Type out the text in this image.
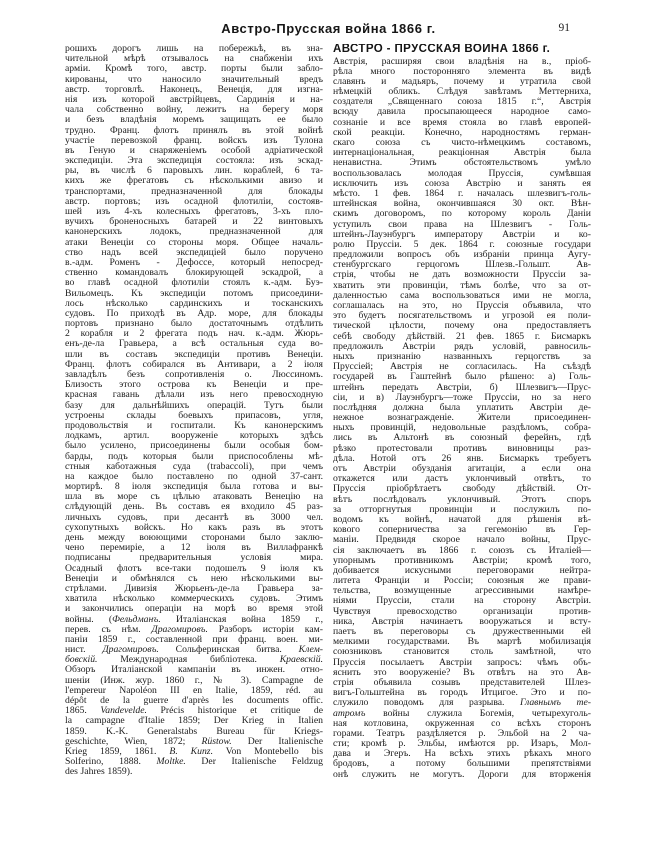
Австро-Прусская война 1866 г.	91
рошихъ дорогъ лишь на побережьѣ, въ зна-
чительной мѣрѣ отзывалось на снабженіи ихъ
арміи. Кромѣ того, австр. порты были забло-
кированы, что наносило значительный вредъ
австр. торговлѣ. Наконецъ, Венеція, для изгна-
нія изъ которой австрійцевъ, Сардинія и на-
чала собственно войну, лежитъ на берегу моря
и безъ владѣнія моремъ защищать ее было
трудно. Франц. флотъ принялъ въ этой войнѣ
участіе перевозкой франц. войскъ изъ Тулона
въ Геную и снаряженіемъ особой адріатической
экспедиціи. Эта экспедиція состояла: изъ эскад-
ры, въ числѣ 6 паровыхъ лин. кораблей, 6 та-
кихъ же фрегатовъ съ нѣсколькими авизо и
транспортами, предназначенной для блокады
австр. портовъ; изъ осадной флотиліи, состояв-
шей изъ 4-хъ колесныхъ фрегатовъ, 3-хъ пло-
вучихъ броненосныхъ батарей и 22 винтовыхъ
канонерскихъ лодокъ, предназначенной для
атаки Венеціи со стороны моря. Общее началь-
ство надъ всей экспедиціей было поручено
в.-адм. Роменъ - Дефоссе, который непосред-
ственно командовалъ блокирующей эскадрой, а
во главѣ осадной флотиліи стоялъ к.-адм. Буэ-
Вильомецъ. Къ экспедиціи потомъ присоедини-
лось нѣсколько сардинскихъ и тосканскихъ
судовъ. По приходѣ въ Адр. море, для блокады
портовъ признано было достаточнымъ отдѣлить
2 корабля и 2 фрегата подъ нач. к.-адм. Жюрь-
енъ-де-ла Гравьера, а всѣ остальныя суда во-
шли въ составъ экспедиціи противъ Венеціи.
Франц. флотъ собирался въ Антивари, а 2 іюля
завладѣлъ безъ сопротивленія о. Люссиномъ.
Близость этого острова къ Венеціи и пре-
красная гавань дѣлали изъ него превосходную
базу для дальнѣйшихъ операцій. Тутъ были
устроены склады боевыхъ припасовъ, угля,
продовольствія и госпитали. Къ канонерскимъ
лодкамъ, артил. вооруженіе которыхъ здѣсь
было усилено, присоединены были особыя бом-
барды, подъ которыя были приспособлены мѣ-
стныя каботажныя суда (trabaccoli), при чемъ
на каждое было поставлено по одной 37-сант.
мортирѣ. 8 іюля экспедиція была готова и вы-
шла въ море съ цѣлью атаковать Венецію на
слѣдующій день. Въ составъ ея входило 45 раз-
личныхъ судовъ, при десантѣ въ 3000 чел.
сухопутныхъ войскъ. Но какъ разъ въ этотъ
день между воюющими сторонами было заклю-
чено перемиріе, а 12 іюля въ Виллафранкѣ
подписаны предварительныя условія мира.
Осадный флотъ все-таки подошелъ 9 іюля къ
Венеціи и обмѣнялся съ нею нѣсколькими вы-
стрѣлами. Дивизія Жюрьенъ-де-ла Гравьера за-
хватила нѣсколько коммерческихъ судовъ. Этимъ
и закончились операціи на морѣ во время этой
войны. (Фельдманъ. Италіанская война 1859 г.,
перев. съ нѣм. Драгомировъ. Разборъ исторіи кам-
паніи 1859 г., составленной при франц. воен. ми-
нист. Драгомировъ. Сольферинская битва. Клем-
бовскій. Международная библіотека. Краевскій.
Обзоръ Италіанской кампаніи въ инжен. отно-
шеніи (Инж. жур. 1860 г., № 3). Campagne de
l'empereur Napoléon III en Italie, 1859, réd. au
dépôt de la guerre d'après les documents offic.
1865. Vandevelde. Précis historique et critique de
la campagne d'Italie 1859; Der Krieg in Italien
1859. K.-K. Generalstabs Bureau für Kriegs-
geschichte, Wien, 1872; Rüstow. Der Italienische
Krieg 1859, 1861. B. Kunz. Von Montebello bis
Solferino, 1888. Moltke. Der Italienische Feldzug
des Jahres 1859).
АВСТРО - ПРУССКАЯ ВОЙНА 1866 г.
Австрія, расширяя свои владѣнія на в., пріоб-
рѣла много посторонняго элемента въ видѣ
славянъ и мадьяръ, почему и утратила свой
нѣмецкій обликъ. Слѣдуя завѣтамъ Меттерниха,
создателя „Священнаго союза 1815 г.“, Австрія
всюду давила просыпающееся народное само-
сознаніе и все время стояла во главѣ европей-
ской реакціи. Конечно, народностямъ герман-
скаго союза съ чисто-нѣмецкимъ составомъ,
интернаціональная, реакціонная Австрія была
ненавистна. Этимъ обстоятельствомъ умѣло
воспользовалась молодая Пруссія, сумѣвшая
исключить изъ союза Австрію и занять ея
мѣсто. 1 фев. 1864 г. началась шлезвигъ-голь-
штейнская война, окончившаяся 30 окт. Вѣн-
скимъ договоромъ, по которому король Даніи
уступилъ свои права на Шлезвигъ - Голь-
штейнъ-Лауэнбургъ императору Австріи и ко-
ролю Пруссіи. 5 дек. 1864 г. союзные государи
предложили вопросъ объ избраніи принца Аугу-
стенбургскаго герцогомъ Шлезв.-Гольшт. Ав-
стрія, чтобы не дать возможности Пруссіи за-
хватить эти провинціи, тѣмъ болѣе, что за от-
даленностью сама воспользоваться ими не могла,
соглашалась на это, но Пруссія объявила, что
это будетъ посягательствомъ и угрозой ея поли-
тической цѣлости, почему она предоставляетъ
себѣ свободу дѣйствій. 21 фев. 1865 г. Бисмаркъ
предложилъ Австріи рядъ условій, равносиль-
ныхъ признанію названныхъ герцогствъ за
Пруссіей; Австрія не согласилась. На съѣздѣ
государей въ Гаштейнѣ было рѣшено: а) Голь-
штейнъ передать Австріи, б) Шлезвигъ—Прус-
сіи, и в) Лауэнбургъ—тоже Пруссіи, но за него
послѣдняя должна была уплатить Австріи де-
нежное вознагражденіе. Жители присоединен-
ныхъ провинцій, недовольные раздѣломъ, собра-
лись въ Альтонѣ въ союзный ферейнъ, гдѣ
рѣзко протестовали противъ виновницы раз-
дѣла. Нотой отъ 26 янв. Бисмаркъ требуетъ
отъ Австріи обузданія агитаціи, а если она
откажется или дастъ уклончивый отвѣтъ, то
Пруссія пріобрѣтаетъ свободу дѣйствій. От-
вѣтъ послѣдовалъ уклончивый. Этотъ споръ
за отторгнутыя провинціи и послужилъ по-
водомъ къ войнѣ, начатой для рѣшенія вѣ-
кового соперничества за гегемонію въ Гер-
маніи. Предвидя скорое начало войны, Прус-
сія заключаетъ въ 1866 г. союзъ съ Италіей—
упорнымъ противникомъ Австріи; кромѣ того,
добивается искусными переговорами нейтра-
литета Франціи и Россіи; союзныя же прави-
тельства, возмущенные агрессивными намѣре-
ніями Пруссіи, стали на сторону Австріи.
Чувствуя превосходство организаціи против-
ника, Австрія начинаетъ вооружаться и всту-
паетъ въ переговоры съ дружественными ей
мелкими государствами. Въ мартѣ мобилизація
союзниковъ становится столь замѣтной, что
Пруссія посылаетъ Австріи запросъ: чѣмъ объ-
яснить это вооруженіе? Въ отвѣтъ на это Ав-
стрія объявила созывъ представителей Шлез-
вигъ-Гольштейна въ городъ Итцигое. Это и по-
служило поводомъ для разрыва. Главнымъ те-
атромъ войны служила Богемія, четырехуголь-
ная котловина, окруженная со всѣхъ сторонъ
горами. Театръ раздѣляется р. Эльбой на 2 ча-
сти; кромѣ р. Эльбы, имѣются рр. Изаръ, Мол-
дава и Эгеръ. На всѣхъ этихъ рѣкахъ много
бродовъ, а потому большими препятствіями
онѣ служить не могутъ. Дороги для вторженія
